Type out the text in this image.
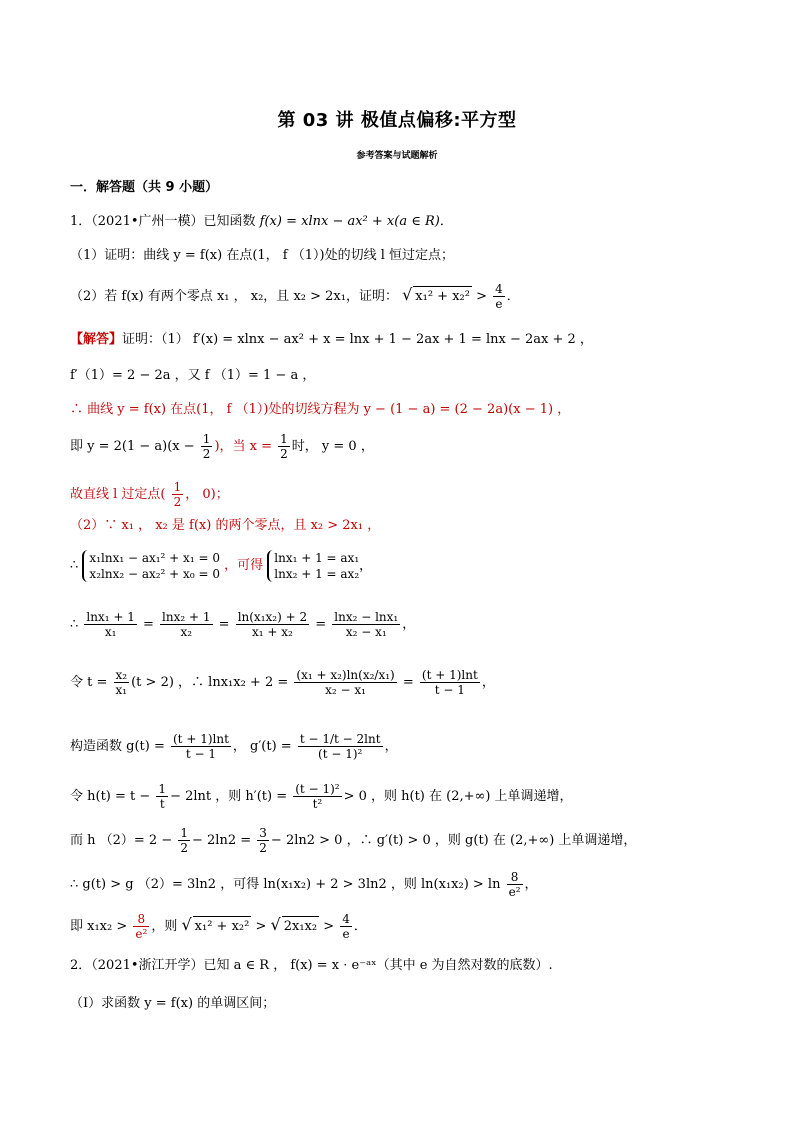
第 03 讲 极值点偏移:平方型
参考答案与试题解析
一．解答题（共 9 小题）
1．（2021•广州一模）已知函数 f(x) = xlnx − ax² + x(a ∈ R)．
（1）证明：曲线 y = f(x) 在点(1， f （1）)处的切线 l 恒过定点；
（2）若 f(x) 有两个零点 x₁ ， x₂，且 x₂ > 2x₁，证明： √ $x_1^2 + x_2^2 > \frac{4}{e}$ ．
【解答】证明：（1） f′(x) = xlnx − ax² + x = lnx + 1 − 2ax + 1 = lnx − 2ax + 2 ，
f′（1）= 2 − 2a ，又 f （1）= 1 − a ，
∴ 曲线 y = f(x) 在点(1， f （1）)处的切线方程为 y − (1 − a) = (2 − 2a)(x − 1) ，
即 $y = 2(1 - a)(x - \frac{1}{2}$ )，当 $x = \frac{1}{2}$ 时， y = 0 ，
故直线 l 过定点( $\frac{1}{2}$ ， 0)；
（2）∵ x₁ ， x₂ 是 f(x) 的两个零点，且 x₂ > 2x₁ ，
∴ x₁lnx₁ − ax₁² + x₁ = 0
x₂lnx₂ − ax₂² + x₀ = 0 ，可得 lnx₁ + 1 = ax₁
lnx₂ + 1 = ax₂，
∴ $\frac{\text{lnx₁ + 1}}{\text{x₁}} = \frac{\text{lnx₂ + 1}}{\text{x₂}} = \frac{\text{ln(x₁x₂) + 2}}{\text{x₁ + x₂}} = \frac{\text{lnx₂ − lnx₁}}{\text{x₂ − x₁}}$ ，
令 $t = \frac{\text{x₂}}{\text{x₁}} (t > 2)$ ，∴ $\ln x_1x_2 + 2 = \frac{\text{(x₁ + x₂)ln(x₂/x₁)}}{\text{x₂ − x₁}} = \frac{(t + 1)\ln t}{t - 1}$ ，
构造函数 $g(t) = \frac{(t + 1)\ln t}{t - 1}$ ， $g'(t) = \frac{t - 1/t - 2\ln t}{\text{(t − 1)²}}$ ，
令 $h(t) = t - \frac{1}{t} - 2\ln t$ ，则 $h'(t) = \frac{\text{(t − 1)²}}{\text{t²}} > 0$ ，则 h(t) 在 (2,+∞) 上单调递增，
而 h $(2)= 2 - \frac{1}{2} - 2\ln 2 = \frac{3}{2} - 2\ln 2 > 0$ ，∴ g′(t) > 0 ，则 g(t) 在 (2,+∞) 上单调递增，
∴ g(t) > g （2）= 3ln2 ，可得 ln(x₁x₂) + 2 > 3ln2 ，则 $\ln(x_1x_2) > \ln \frac{8}{\text{e²}}$ ，
即 $x_1x_2 > \frac{8}{\text{e²}}$ ，则 √ x₁² + x₂² > √ $2x_1x_2 > \frac{4}{e}$ ．
2．（2021•浙江开学）已知 a ∈ R ， f(x) = x · e⁻ᵃˣ（其中 e 为自然对数的底数）.
（Ⅰ）求函数 y = f(x) 的单调区间；
